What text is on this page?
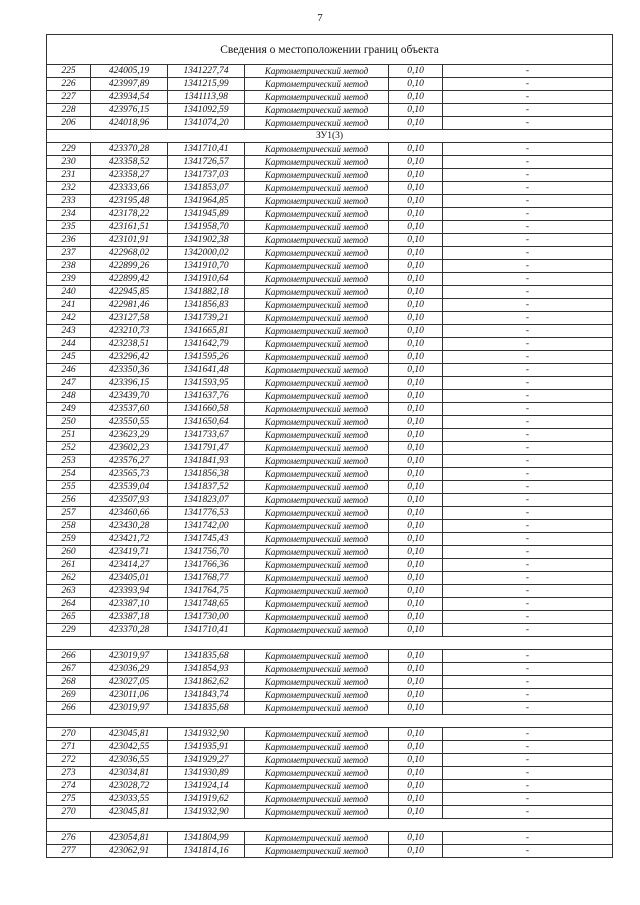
7
Сведения о местоположении границ объекта					
225	424005,19	1341227,74	Картометрический метод	0,10	-
226	423997,89	1341215,99	Картометрический метод	0,10	-
227	423934,54	1341113,98	Картометрический метод	0,10	-
228	423976,15	1341092,59	Картометрический метод	0,10	-
206	424018,96	1341074,20	Картометрический метод	0,10	-
ЗУ1(3)					
229	423370,28	1341710,41	Картометрический метод	0,10	-
230	423358,52	1341726,57	Картометрический метод	0,10	-
231	423358,27	1341737,03	Картометрический метод	0,10	-
232	423333,66	1341853,07	Картометрический метод	0,10	-
233	423195,48	1341964,85	Картометрический метод	0,10	-
234	423178,22	1341945,89	Картометрический метод	0,10	-
235	423161,51	1341958,70	Картометрический метод	0,10	-
236	423101,91	1341902,38	Картометрический метод	0,10	-
237	422968,02	1342000,02	Картометрический метод	0,10	-
238	422899,26	1341910,70	Картометрический метод	0,10	-
239	422899,42	1341910,64	Картометрический метод	0,10	-
240	422945,85	1341882,18	Картометрический метод	0,10	-
241	422981,46	1341856,83	Картометрический метод	0,10	-
242	423127,58	1341739,21	Картометрический метод	0,10	-
243	423210,73	1341665,81	Картометрический метод	0,10	-
244	423238,51	1341642,79	Картометрический метод	0,10	-
245	423296,42	1341595,26	Картометрический метод	0,10	-
246	423350,36	1341641,48	Картометрический метод	0,10	-
247	423396,15	1341593,95	Картометрический метод	0,10	-
248	423439,70	1341637,76	Картометрический метод	0,10	-
249	423537,60	1341660,58	Картометрический метод	0,10	-
250	423550,55	1341650,64	Картометрический метод	0,10	-
251	423623,29	1341733,67	Картометрический метод	0,10	-
252	423602,23	1341791,47	Картометрический метод	0,10	-
253	423576,27	1341841,93	Картометрический метод	0,10	-
254	423565,73	1341856,38	Картометрический метод	0,10	-
255	423539,04	1341837,52	Картометрический метод	0,10	-
256	423507,93	1341823,07	Картометрический метод	0,10	-
257	423460,66	1341776,53	Картометрический метод	0,10	-
258	423430,28	1341742,00	Картометрический метод	0,10	-
259	423421,72	1341745,43	Картометрический метод	0,10	-
260	423419,71	1341756,70	Картометрический метод	0,10	-
261	423414,27	1341766,36	Картометрический метод	0,10	-
262	423405,01	1341768,77	Картометрический метод	0,10	-
263	423393,94	1341764,75	Картометрический метод	0,10	-
264	423387,10	1341748,65	Картометрический метод	0,10	-
265	423387,18	1341730,00	Картометрический метод	0,10	-
229	423370,28	1341710,41	Картометрический метод	0,10	-

266	423019,97	1341835,68	Картометрический метод	0,10	-
267	423036,29	1341854,93	Картометрический метод	0,10	-
268	423027,05	1341862,62	Картометрический метод	0,10	-
269	423011,06	1341843,74	Картометрический метод	0,10	-
266	423019,97	1341835,68	Картометрический метод	0,10	-

270	423045,81	1341932,90	Картометрический метод	0,10	-
271	423042,55	1341935,91	Картометрический метод	0,10	-
272	423036,55	1341929,27	Картометрический метод	0,10	-
273	423034,81	1341930,89	Картометрический метод	0,10	-
274	423028,72	1341924,14	Картометрический метод	0,10	-
275	423033,55	1341919,62	Картометрический метод	0,10	-
270	423045,81	1341932,90	Картометрический метод	0,10	-

276	423054,81	1341804,99	Картометрический метод	0,10	-
277	423062,91	1341814,16	Картометрический метод	0,10	-
